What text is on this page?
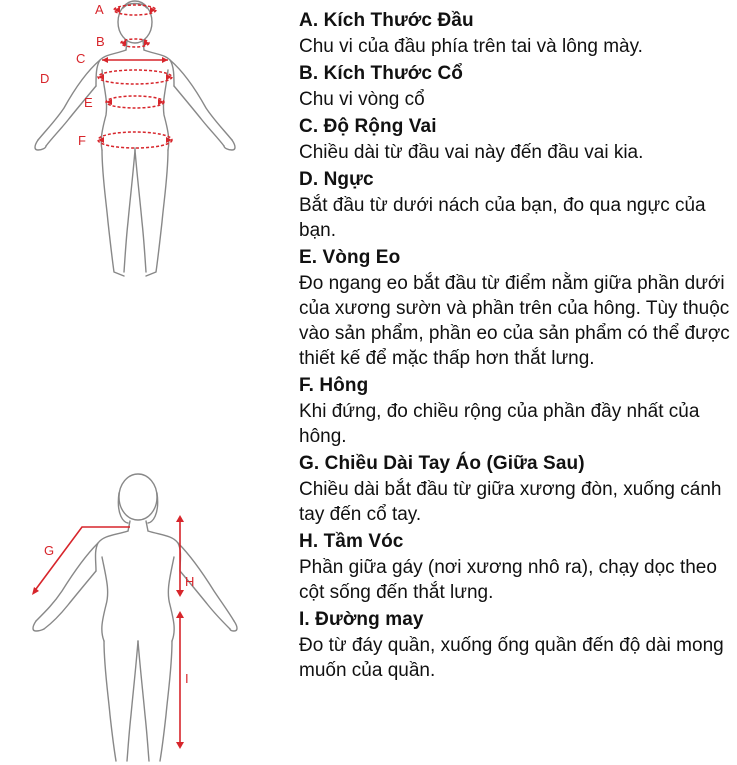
A
B
C
D
E
F
G
H
I
A. Kích Thước Đầu

Chu vi của đầu phía trên tai và lông mày.

B. Kích Thước Cổ

Chu vi vòng cổ

C. Độ Rộng Vai

Chiều dài từ đầu vai này đến đầu vai kia.

D. Ngực

Bắt đầu từ dưới nách của bạn, đo qua ngực của bạn.

E. Vòng Eo

Đo ngang eo bắt đầu từ điểm nằm giữa phần dưới của xương sườn và phần trên của hông. Tùy thuộc vào sản phẩm, phần eo của sản phẩm có thể được thiết kế để mặc thấp hơn thắt lưng.

F. Hông

Khi đứng, đo chiều rộng của phần đầy nhất của hông.

G. Chiều Dài Tay Áo (Giữa Sau)

Chiều dài bắt đầu từ giữa xương đòn, xuống cánh tay đến cổ tay.

H. Tầm Vóc

Phần giữa gáy (nơi xương nhô ra), chạy dọc theo cột sống đến thắt lưng.

I. Đường may

Đo từ đáy quần, xuống ống quần đến độ dài mong muốn của quần.
